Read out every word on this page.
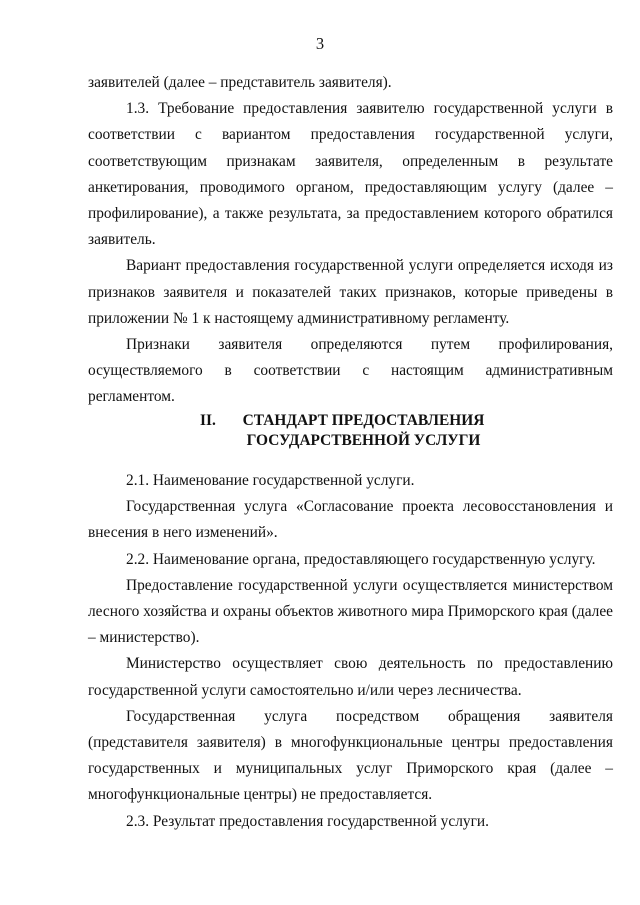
3

заявителей (далее – представитель заявителя).

1.3. Требование предоставления заявителю государственной услуги в соответствии с вариантом предоставления государственной услуги, соответствующим признакам заявителя, определенным в результате анкетирования, проводимого органом, предоставляющим услугу (далее – профилирование), а также результата, за предоставлением которого обратился заявитель.

Вариант предоставления государственной услуги определяется исходя из признаков заявителя и показателей таких признаков, которые приведены в приложении № 1 к настоящему административному регламенту.

Признаки заявителя определяются путем профилирования, осуществляемого в соответствии с настоящим административным регламентом.

II.	СТАНДАРТ ПРЕДОСТАВЛЕНИЯ
ГОСУДАРСТВЕННОЙ УСЛУГИ

2.1. Наименование государственной услуги.

Государственная услуга «Согласование проекта лесовосстановления и внесения в него изменений».

2.2. Наименование органа, предоставляющего государственную услугу.

Предоставление государственной услуги осуществляется министерством лесного хозяйства и охраны объектов животного мира Приморского края (далее – министерство).

Министерство осуществляет свою деятельность по предоставлению государственной услуги самостоятельно и/или через лесничества.

Государственная услуга посредством обращения заявителя (представителя заявителя) в многофункциональные центры предоставления государственных и муниципальных услуг Приморского края (далее – многофункциональные центры) не предоставляется.

2.3. Результат предоставления государственной услуги.
